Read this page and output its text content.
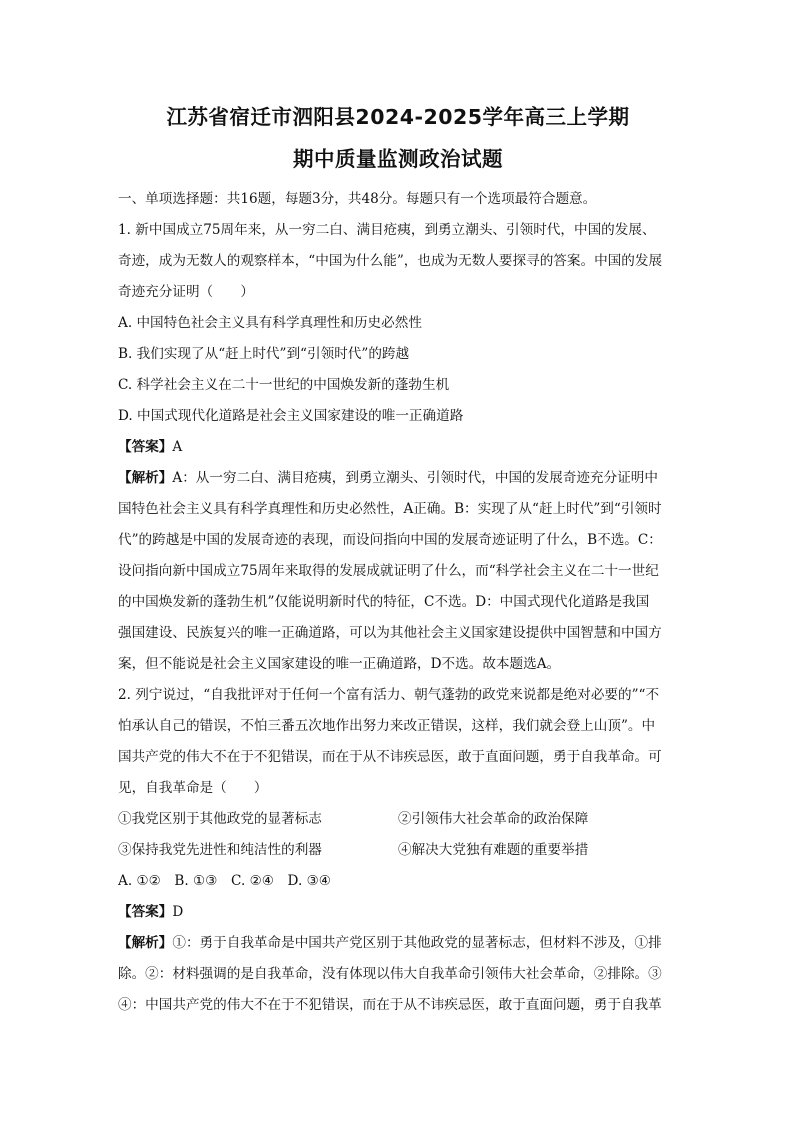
江苏省宿迁市泗阳县2024-2025学年高三上学期
期中质量监测政治试题

一、单项选择题：共16题，每题3分，共48分。每题只有一个选项最符合题意。

1. 新中国成立75周年来，从一穷二白、满目疮痍，到勇立潮头、引领时代，中国的发展、

奇迹，成为无数人的观察样本，“中国为什么能”，也成为无数人要探寻的答案。中国的发展

奇迹充分证明（　　）

A. 中国特色社会主义具有科学真理性和历史必然性

B. 我们实现了从“赶上时代”到“引领时代”的跨越

C. 科学社会主义在二十一世纪的中国焕发新的蓬勃生机

D. 中国式现代化道路是社会主义国家建设的唯一正确道路

【答案】A

【解析】A：从一穷二白、满目疮痍，到勇立潮头、引领时代，中国的发展奇迹充分证明中

国特色社会主义具有科学真理性和历史必然性，A正确。B：实现了从“赶上时代”到“引领时

代”的跨越是中国的发展奇迹的表现，而设问指向中国的发展奇迹证明了什么，B不选。C：

设问指向新中国成立75周年来取得的发展成就证明了什么，而“科学社会主义在二十一世纪

的中国焕发新的蓬勃生机”仅能说明新时代的特征，C不选。D：中国式现代化道路是我国

强国建设、民族复兴的唯一正确道路，可以为其他社会主义国家建设提供中国智慧和中国方

案，但不能说是社会主义国家建设的唯一正确道路，D不选。故本题选A。

2. 列宁说过，“自我批评对于任何一个富有活力、朝气蓬勃的政党来说都是绝对必要的”“不

怕承认自己的错误，不怕三番五次地作出努力来改正错误，这样，我们就会登上山顶”。中

国共产党的伟大不在于不犯错误，而在于从不讳疾忌医，敢于直面问题，勇于自我革命。可

见，自我革命是（　　）

①我党区别于其他政党的显著标志	②引领伟大社会革命的政治保障
③保持我党先进性和纯洁性的利器	④解决大党独有难题的重要举措

A. ①②　B. ①③　C. ②④　D. ③④

【答案】D

【解析】①：勇于自我革命是中国共产党区别于其他政党的显著标志，但材料不涉及，①排

除。②：材料强调的是自我革命，没有体现以伟大自我革命引领伟大社会革命，②排除。③

④：中国共产党的伟大不在于不犯错误，而在于从不讳疾忌医，敢于直面问题，勇于自我革
